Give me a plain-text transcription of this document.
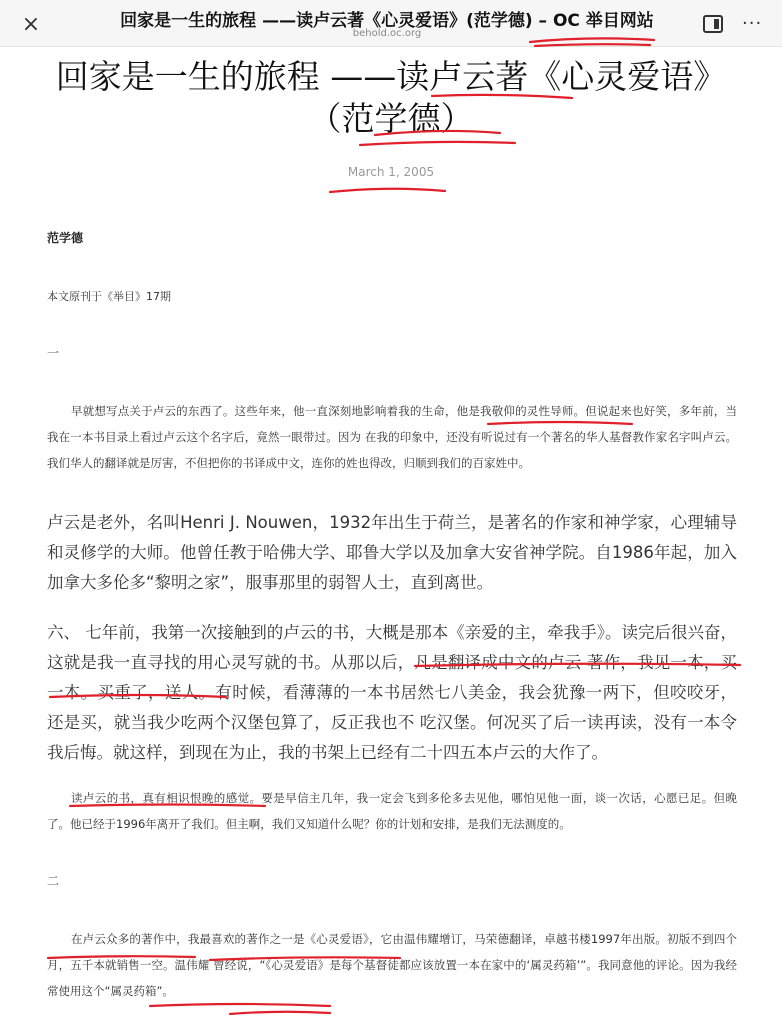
×	回家是一生的旅程 ——读卢云著《心灵爱语》(范学德) – OC 举目网站
behold.oc.org	···
回家是一生的旅程 ——读卢云著《心灵爱语》（范学德）
March 1, 2005
范学德
本文原刊于《举目》17期
一

早就想写点关于卢云的东西了。这些年来，他一直深刻地影响着我的生命，他是我敬仰的灵性导师。但说起来也好笑，多年前，当我在一本书目录上看过卢云这个名字后，竟然一眼带过。因为 在我的印象中，还没有听说过有一个著名的华人基督教作家名字叫卢云。我们华人的翻译就是厉害，不但把你的书译成中文，连你的姓也得改，归顺到我们的百家姓中。

卢云是老外，名叫Henri J. Nouwen，1932年出生于荷兰，是著名的作家和神学家，心理辅导和灵修学的大师。他曾任教于哈佛大学、耶鲁大学以及加拿大安省神学院。自1986年起，加入加拿大多伦多“黎明之家”，服事那里的弱智人士，直到离世。

六、 七年前，我第一次接触到的卢云的书，大概是那本《亲爱的主，牵我手》。读完后很兴奋，这就是我一直寻找的用心灵写就的书。从那以后，凡是翻译成中文的卢云 著作，我见一本，买一本。买重了，送人。有时候，看薄薄的一本书居然七八美金，我会犹豫一两下，但咬咬牙，还是买，就当我少吃两个汉堡包算了，反正我也不 吃汉堡。何况买了后一读再读，没有一本令我后悔。就这样，到现在为止，我的书架上已经有二十四五本卢云的大作了。

读卢云的书，真有相识恨晚的感觉。要是早信主几年，我一定会飞到多伦多去见他，哪怕见他一面，谈一次话，心愿已足。但晚了。他已经于1996年离开了我们。但主啊，我们又知道什么呢？你的计划和安排，是我们无法测度的。

二

在卢云众多的著作中，我最喜欢的著作之一是《心灵爱语》，它由温伟耀增订，马荣德翻译，卓越书楼1997年出版。初版不到四个月，五千本就销售一空。温伟耀 曾经说，“《心灵爱语》是每个基督徒都应该放置一本在家中的‘属灵药箱’”。我同意他的评论。因为我经常使用这个“属灵药箱”。
